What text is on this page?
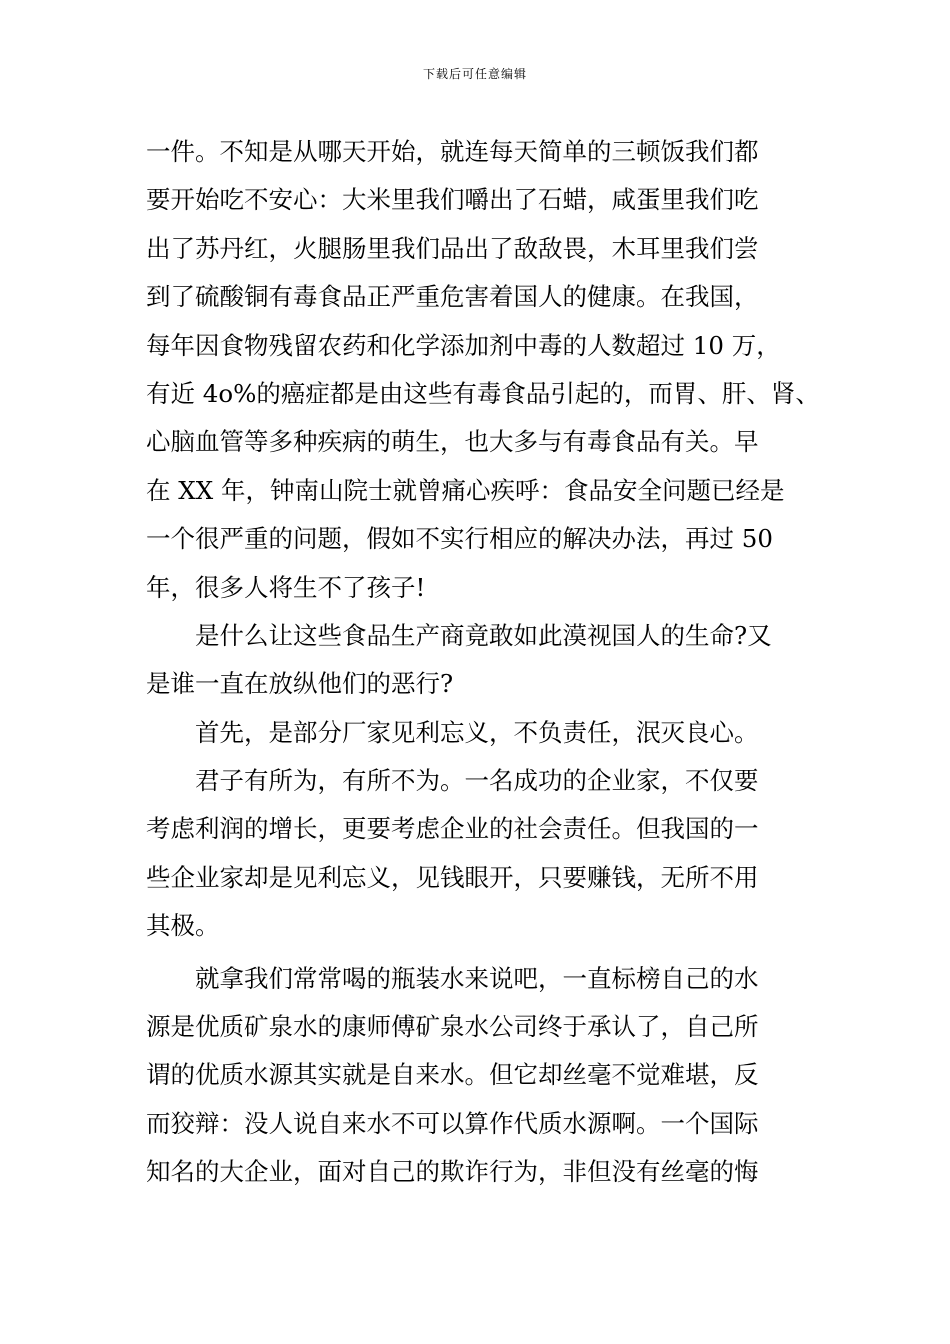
下载后可任意编辑
一件。不知是从哪天开始，就连每天简单的三顿饭我们都
要开始吃不安心：大米里我们嚼出了石蜡，咸蛋里我们吃
出了苏丹红，火腿肠里我们品出了敌敌畏，木耳里我们尝
到了硫酸铜有毒食品正严重危害着国人的健康。在我国，
每年因食物残留农药和化学添加剂中毒的人数超过 10 万，
有近 4o%的癌症都是由这些有毒食品引起的，而胃、肝、肾、
心脑血管等多种疾病的萌生，也大多与有毒食品有关。早
在 XX 年，钟南山院士就曾痛心疾呼：食品安全问题已经是
一个很严重的问题，假如不实行相应的解决办法，再过 50
年，很多人将生不了孩子!
是什么让这些食品生产商竟敢如此漠视国人的生命?又
是谁一直在放纵他们的恶行?
首先，是部分厂家见利忘义，不负责任，泯灭良心。
君子有所为，有所不为。一名成功的企业家，不仅要
考虑利润的增长，更要考虑企业的社会责任。但我国的一
些企业家却是见利忘义，见钱眼开，只要赚钱，无所不用
其极。
就拿我们常常喝的瓶装水来说吧，一直标榜自己的水
源是优质矿泉水的康师傅矿泉水公司终于承认了，自己所
谓的优质水源其实就是自来水。但它却丝毫不觉难堪，反
而狡辩：没人说自来水不可以算作代质水源啊。一个国际
知名的大企业，面对自己的欺诈行为，非但没有丝毫的悔
